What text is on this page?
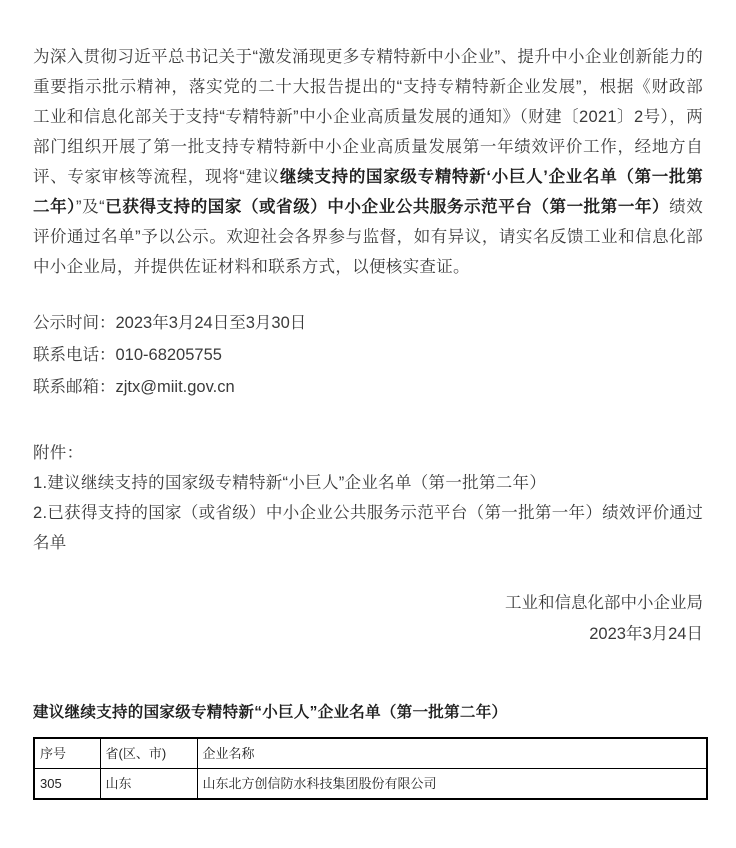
为深入贯彻习近平总书记关于“激发涌现更多专精特新中小企业”、提升中小企业创新能力的重要指示批示精神，落实党的二十大报告提出的“支持专精特新企业发展”，根据《财政部 工业和信息化部关于支持“专精特新”中小企业高质量发展的通知》（财建〔2021〕2号），两部门组织开展了第一批支持专精特新中小企业高质量发展第一年绩效评价工作，经地方自评、专家审核等流程，现将“建议继续支持的国家级专精特新‘小巨人’企业名单（第一批第二年）”及“已获得支持的国家（或省级）中小企业公共服务示范平台（第一批第一年）绩效评价通过名单”予以公示。欢迎社会各界参与监督，如有异议，请实名反馈工业和信息化部中小企业局，并提供佐证材料和联系方式，以便核实查证。

公示时间：2023年3月24日至3月30日

联系电话：010-68205755

联系邮箱：zjtx@miit.gov.cn

附件：

1.建议继续支持的国家级专精特新“小巨人”企业名单（第一批第二年）

2.已获得支持的国家（或省级）中小企业公共服务示范平台（第一批第一年）绩效评价通过名单

工业和信息化部中小企业局

2023年3月24日

建议继续支持的国家级专精特新“小巨人”企业名单（第一批第二年）

序号	省(区、市)	企业名称
305	山东	山东北方创信防水科技集团股份有限公司
